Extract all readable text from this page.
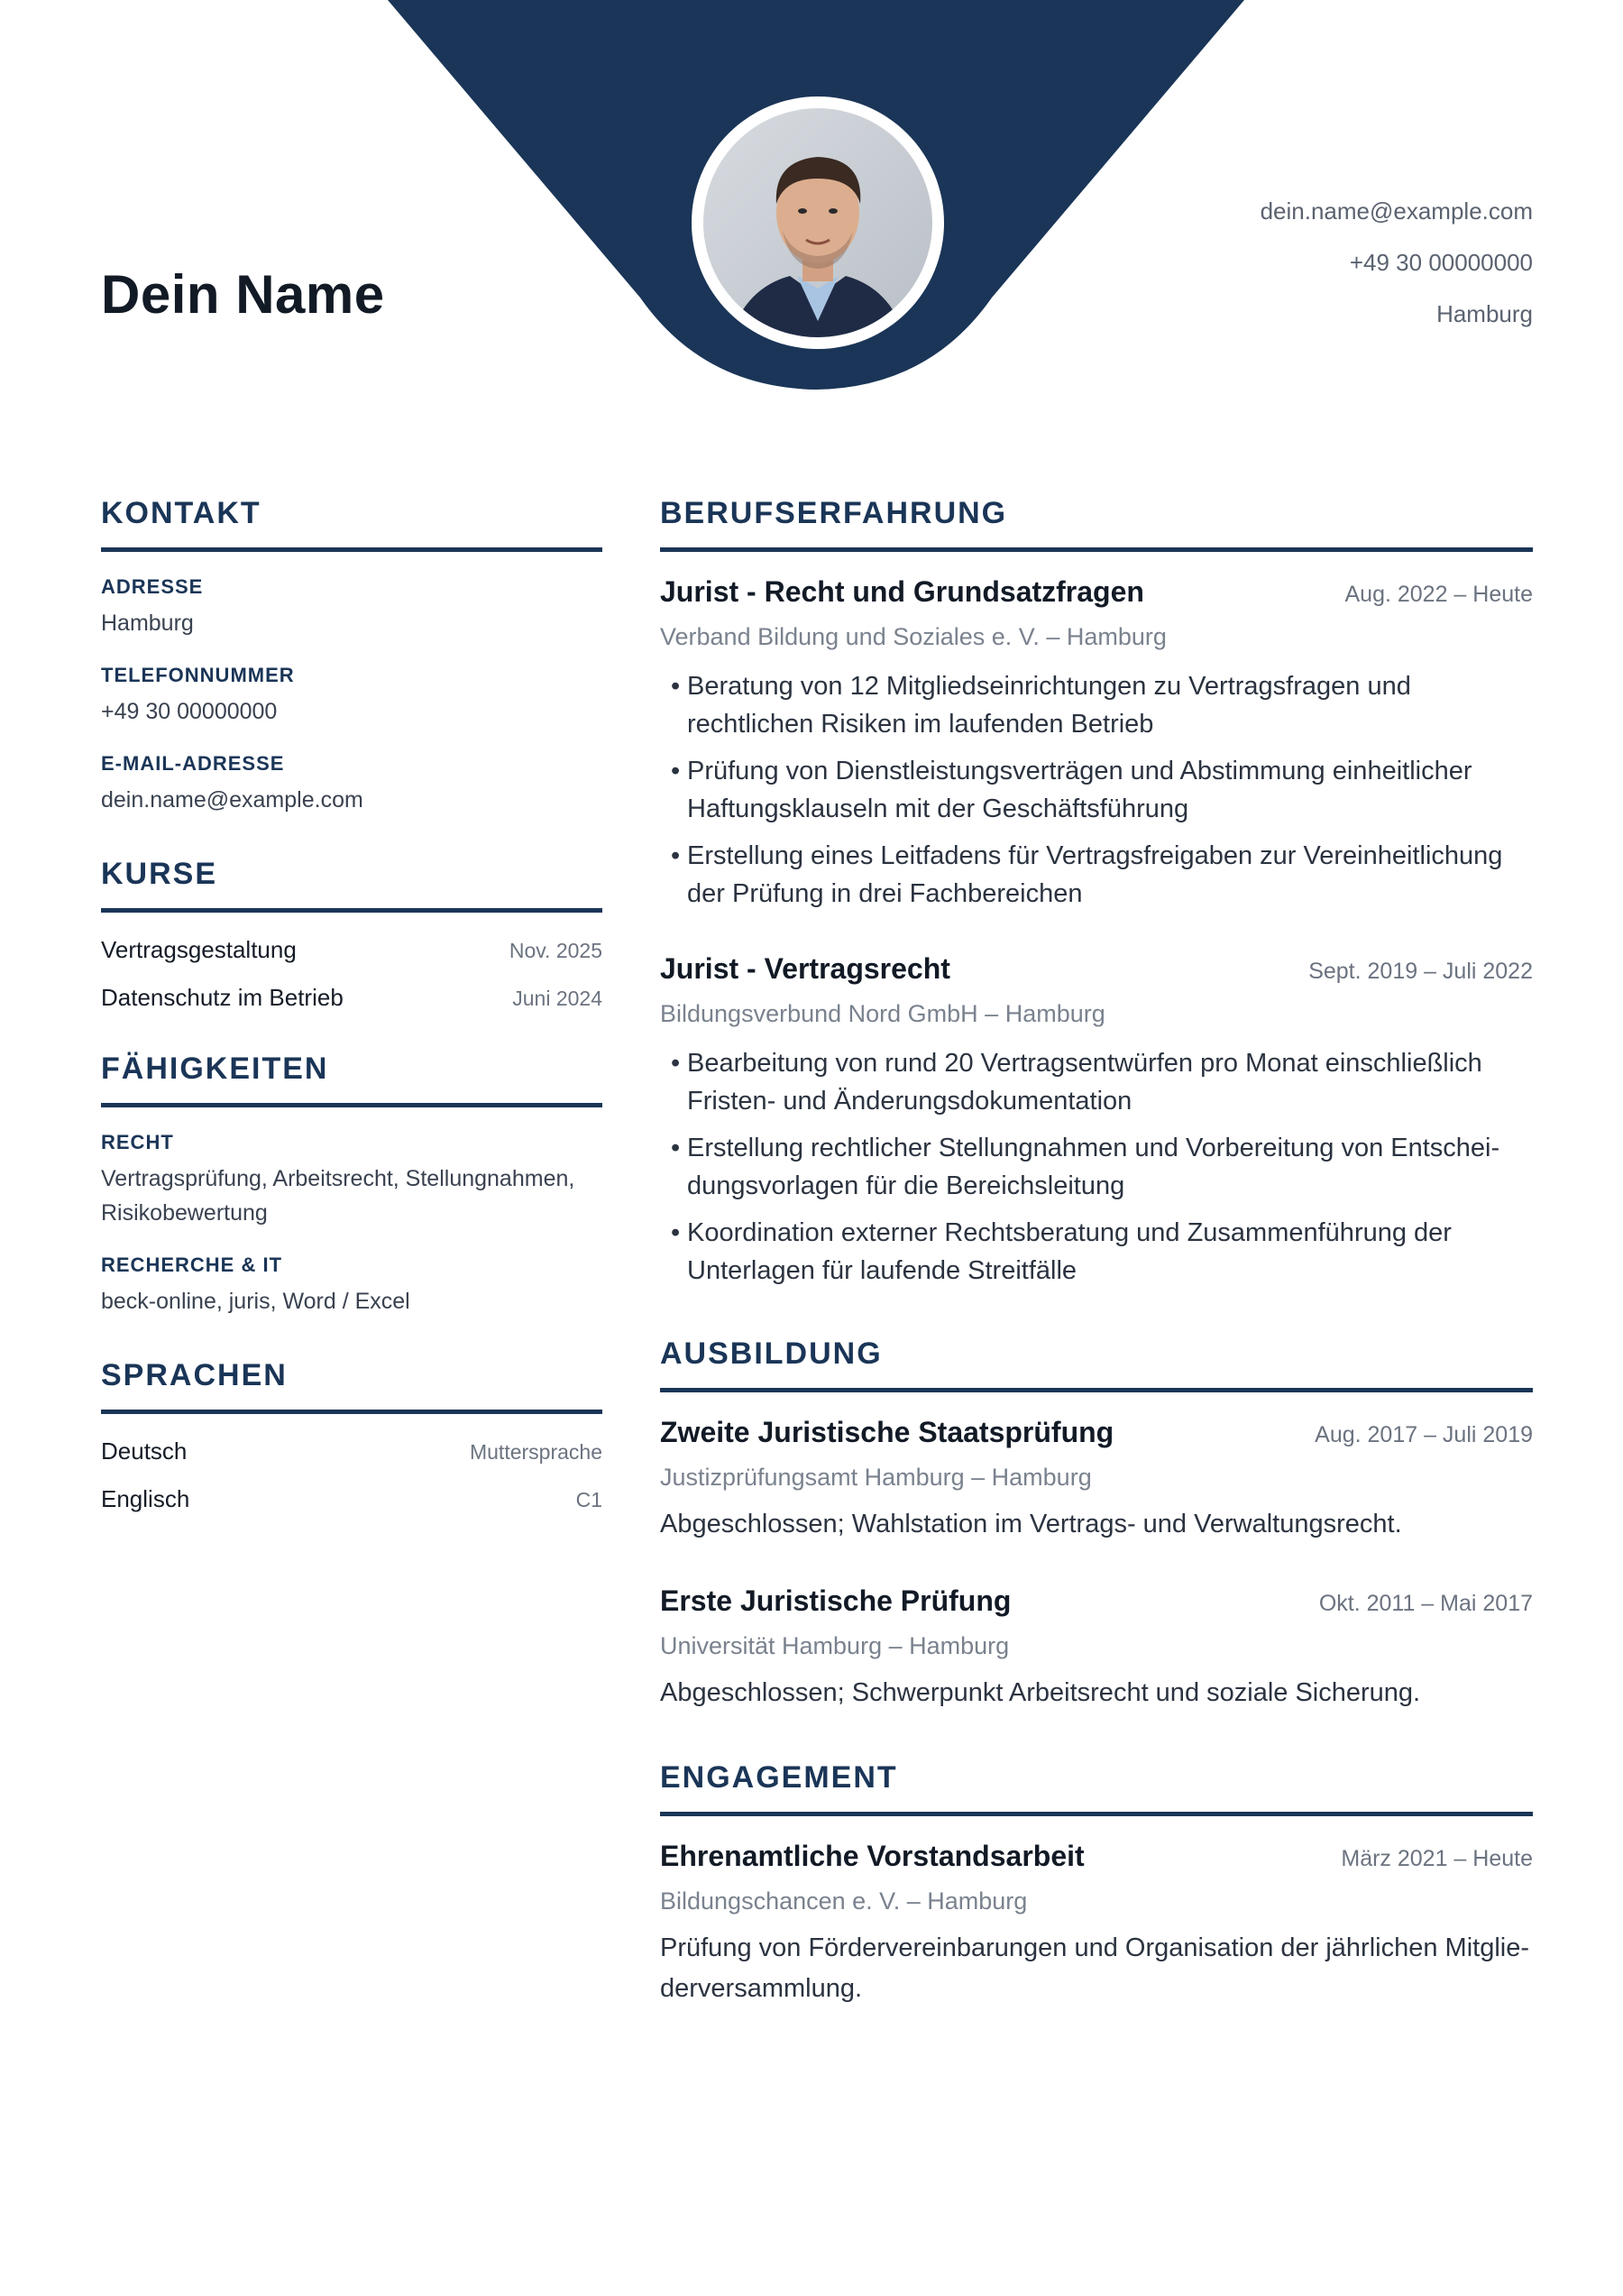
Dein Name
dein.name@example.com
+49 30 00000000
Hamburg
KONTAKT
ADRESSE
Hamburg
TELEFONNUMMER
+49 30 00000000
E-MAIL-ADRESSE
dein.name@example.com
KURSE
Vertragsgestaltung	Nov. 2025
Datenschutz im Betrieb	Juni 2024
FÄHIGKEITEN
RECHT
Vertragsprüfung, Arbeitsrecht, Stellungnahmen, Risikobewertung
RECHERCHE & IT
beck-online, juris, Word / Excel
SPRACHEN
Deutsch	Muttersprache
Englisch	C1
BERUFSERFAHRUNG
Jurist - Recht und Grundsatzfragen	Aug. 2022 – Heute
Verband Bildung und Soziales e. V. – Hamburg
• Beratung von 12 Mitgliedseinrichtungen zu Vertragsfragen und rechtlichen Risiken im laufenden Betrieb
• Prüfung von Dienstleistungsverträgen und Abstimmung einheitlicher Haftungsklauseln mit der Geschäftsführung
• Erstellung eines Leitfadens für Vertragsfreigaben zur Vereinheitlichung der Prüfung in drei Fachbereichen
Jurist - Vertragsrecht	Sept. 2019 – Juli 2022
Bildungsverbund Nord GmbH – Hamburg
• Bearbeitung von rund 20 Vertragsentwürfen pro Monat einschließlich Fristen- und Änderungsdokumentation
• Erstellung rechtlicher Stellungnahmen und Vorbereitung von Entscheidungsvorlagen für die Bereichsleitung
• Koordination externer Rechtsberatung und Zusammenführung der Unterlagen für laufende Streitfälle
AUSBILDUNG
Zweite Juristische Staatsprüfung	Aug. 2017 – Juli 2019
Justizprüfungsamt Hamburg – Hamburg
Abgeschlossen; Wahlstation im Vertrags- und Verwaltungsrecht.
Erste Juristische Prüfung	Okt. 2011 – Mai 2017
Universität Hamburg – Hamburg
Abgeschlossen; Schwerpunkt Arbeitsrecht und soziale Sicherung.
ENGAGEMENT
Ehrenamtliche Vorstandsarbeit	März 2021 – Heute
Bildungschancen e. V. – Hamburg
Prüfung von Fördervereinbarungen und Organisation der jährlichen Mitgliederversammlung.
